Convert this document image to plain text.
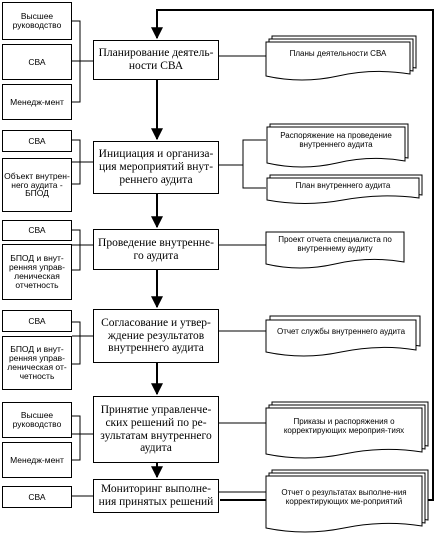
Планирование деятель-ности СВА
Инициация и организа-ция мероприятий внут-реннего аудита
Проведение внутренне-го аудита
Согласование и утвер-ждение результатов внутреннего аудита
Принятие управленче-ских решений по ре-зультатам внутреннего аудита
Мониторинг выполне-ния принятых решений
Высшее руководство
СВА
Менедж-мент
СВА
Объект внутрен-него аудита - БПОД
СВА
БПОД и внут-ренняя управ-леническая отчетность
СВА
БПОД и внут-ренняя управ-леническая от-четность
Высшее руководство
Менедж-мент
СВА
Планы деятельности СВА
Распоряжение на проведение внутреннего аудита
План внутреннего аудита
Проект отчета специалиста по внутреннему аудиту
Отчет службы внутреннего аудита
Приказы и распоряжения о корректирующих мероприя-тиях
Отчет о результатах выполне-ния корректирующих ме-роприятий
